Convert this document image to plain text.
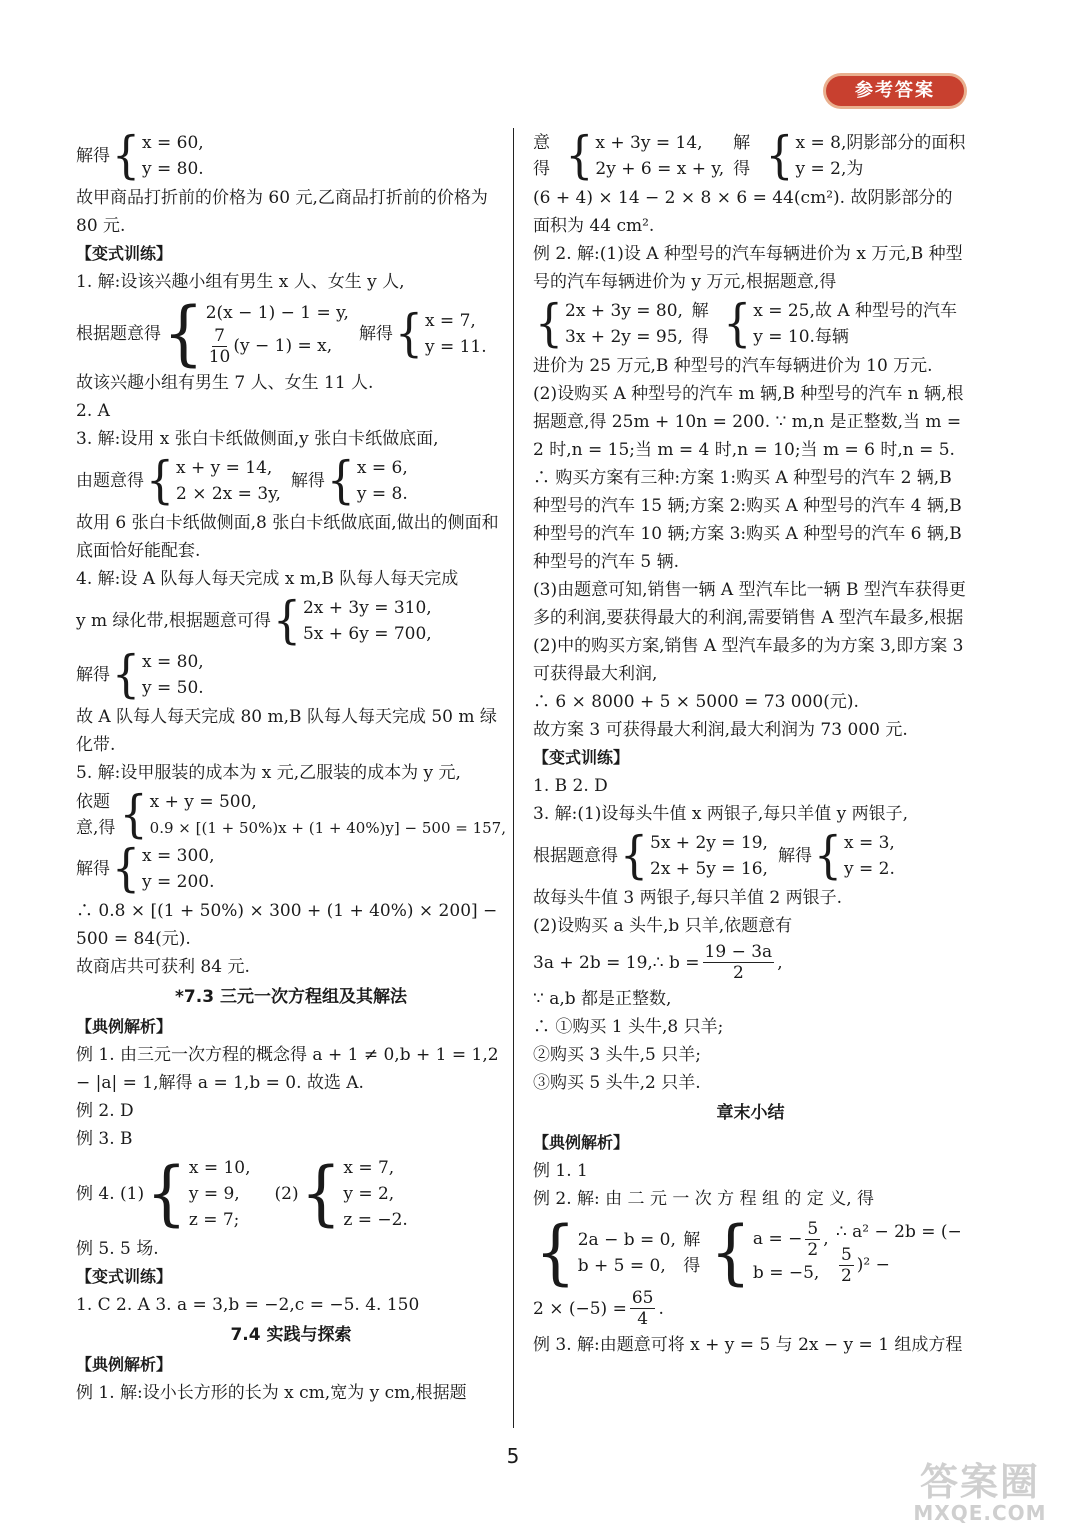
参考答案
解得 { x = 60,
y = 80.
故甲商品打折前的价格为 60 元,乙商品打折前的价格为 80 元.
【变式训练】
1. 解:设该兴趣小组有男生 x 人、女生 y 人,
根据题意得 { 2(x − 1) − 1 = y,
$\frac{7}{10} (y - 1) = x$,
解得 { x = 7,
y = 11.
故该兴趣小组有男生 7 人、女生 11 人.
2. A
3. 解:设用 x 张白卡纸做侧面,y 张白卡纸做底面,
由题意得 { x + y = 14,
2 × 2x = 3y,
解得 { x = 6,
y = 8.
故用 6 张白卡纸做侧面,8 张白卡纸做底面,做出的侧面和底面恰好能配套.
4. 解:设 A 队每人每天完成 x m,B 队每人每天完成
y m 绿化带,根据题意可得 { 2x + 3y = 310,
5x + 6y = 700,
解得 { x = 80,
y = 50.
故 A 队每人每天完成 80 m,B 队每人每天完成 50 m 绿化带.
5. 解:设甲服装的成本为 x 元,乙服装的成本为 y 元,
依题意,得 { x + y = 500,
0.9 × [(1 + 50%)x + (1 + 40%)y] − 500 = 157,
解得 { x = 300,
y = 200.
∴ 0.8 × [(1 + 50%) × 300 + (1 + 40%) × 200] − 500 = 84(元).
故商店共可获利 84 元.
*7.3 三元一次方程组及其解法
【典例解析】
例 1. 由三元一次方程的概念得 a + 1 ≠ 0,b + 1 = 1,2 − |a| = 1,解得 a = 1,b = 0. 故选 A.
例 2. D
例 3. B
例 4. (1) { x = 10,
y = 9,
z = 7;
(2) { x = 7,
y = 2,
z = −2.
例 5. 5 场.
【变式训练】
1. C 2. A 3. a = 3,b = −2,c = −5. 4. 150
7.4 实践与探索
【典例解析】
例 1. 解:设小长方形的长为 x cm,宽为 y cm,根据题
意得 { x + 3y = 14,
2y + 6 = x + y,
解得 { x = 8,
y = 2,
阴影部分的面积为
(6 + 4) × 14 − 2 × 8 × 6 = 44(cm²). 故阴影部分的面积为 44 cm².
例 2. 解:(1)设 A 种型号的汽车每辆进价为 x 万元,B 种型号的汽车每辆进价为 y 万元,根据题意,得
{ 2x + 3y = 80,
3x + 2y = 95,
解得 { x = 25,
y = 10.
故 A 种型号的汽车每辆
进价为 25 万元,B 种型号的汽车每辆进价为 10 万元.
(2)设购买 A 种型号的汽车 m 辆,B 种型号的汽车 n 辆,根据题意,得 25m + 10n = 200. ∵ m,n 是正整数,当 m = 2 时,n = 15;当 m = 4 时,n = 10;当 m = 6 时,n = 5.
∴ 购买方案有三种:方案 1:购买 A 种型号的汽车 2 辆,B 种型号的汽车 15 辆;方案 2:购买 A 种型号的汽车 4 辆,B 种型号的汽车 10 辆;方案 3:购买 A 种型号的汽车 6 辆,B 种型号的汽车 5 辆.
(3)由题意可知,销售一辆 A 型汽车比一辆 B 型汽车获得更多的利润,要获得最大的利润,需要销售 A 型汽车最多,根据(2)中的购买方案,销售 A 型汽车最多的为方案 3,即方案 3 可获得最大利润,
∴ 6 × 8000 + 5 × 5000 = 73 000(元).
故方案 3 可获得最大利润,最大利润为 73 000 元.
【变式训练】
1. B 2. D
3. 解:(1)设每头牛值 x 两银子,每只羊值 y 两银子,
根据题意得 { 5x + 2y = 19,
2x + 5y = 16,
解得 { x = 3,
y = 2.
故每头牛值 3 两银子,每只羊值 2 两银子.
(2)设购买 a 头牛,b 只羊,依题意有
3a + 2b = 19,∴ $b = \frac{19 - 3a}{2}$ ,
∵ a,b 都是正整数,
∴ ①购买 1 头牛,8 只羊;
②购买 3 头牛,5 只羊;
③购买 5 头牛,2 只羊.
章末小结
【典例解析】
例 1. 1
例 2. 解: 由 二 元 一 次 方 程 组 的 定 义, 得
{ 2a − b = 0,
b + 5 = 0,
解得 { a = − $\frac{5}{2}$ ,
b = −5,
∴ a² − 2b = (−
$\frac{5}{2} )^2$ −
$2 \times (-5) = \frac{65}{4}$ .
例 3. 解:由题意可将 x + y = 5 与 2x − y = 1 组成方程
5
答案圈
MXQE.COM
